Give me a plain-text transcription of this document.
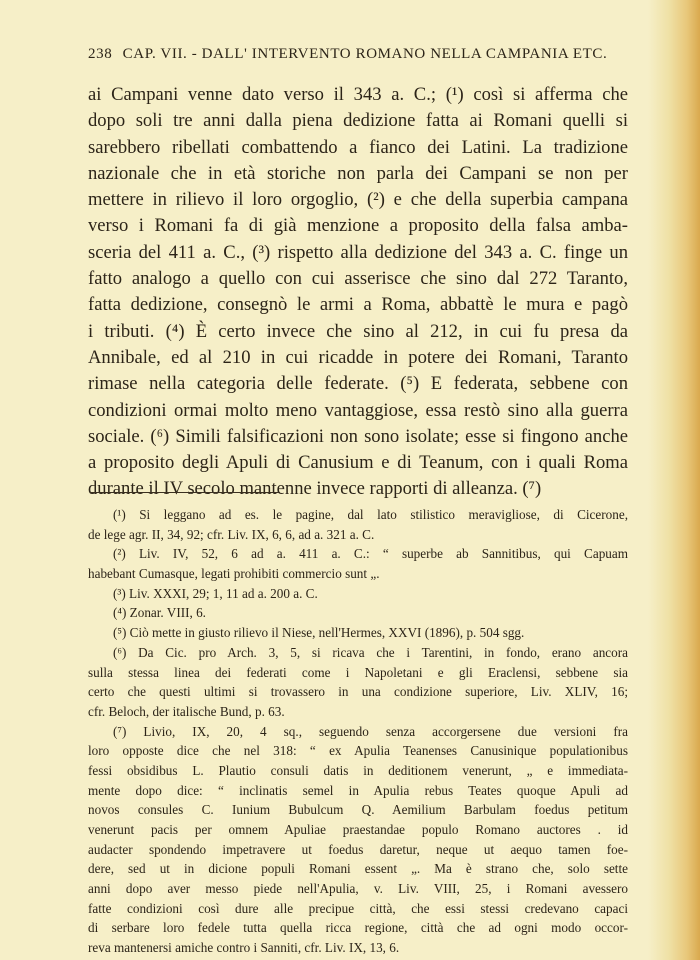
238 CAP. VII. - DALL' INTERVENTO ROMANO NELLA CAMPANIA ETC.
ai Campani venne dato verso il 343 a. C.; (¹) così si afferma che
dopo soli tre anni dalla piena dedizione fatta ai Romani quelli si
sarebbero ribellati combattendo a fianco dei Latini. La tradizione
nazionale che in età storiche non parla dei Campani se non per
mettere in rilievo il loro orgoglio, (²) e che della superbia campana
verso i Romani fa di già menzione a proposito della falsa amba-
sceria del 411 a. C., (³) rispetto alla dedizione del 343 a. C. finge un
fatto analogo a quello con cui asserisce che sino dal 272 Taranto,
fatta dedizione, consegnò le armi a Roma, abbattè le mura e pagò
i tributi. (⁴) È certo invece che sino al 212, in cui fu presa da
Annibale, ed al 210 in cui ricadde in potere dei Romani, Taranto
rimase nella categoria delle federate. (⁵) E federata, sebbene con
condizioni ormai molto meno vantaggiose, essa restò sino alla guerra
sociale. (⁶) Simili falsificazioni non sono isolate; esse si fingono anche
a proposito degli Apuli di Canusium e di Teanum, con i quali Roma
durante il IV secolo mantenne invece rapporti di alleanza. (⁷)
(¹) Si leggano ad es. le pagine, dal lato stilistico meravigliose, di Cicerone,
de lege agr. II, 34, 92; cfr. Liv. IX, 6, 6, ad a. 321 a. C.
(²) Liv. IV, 52, 6 ad a. 411 a. C.: “ superbe ab Sannitibus, qui Capuam
habebant Cumasque, legati prohibiti commercio sunt „.
(³) Liv. XXXI, 29; 1, 11 ad a. 200 a. C.
(⁴) Zonar. VIII, 6.
(⁵) Ciò mette in giusto rilievo il Niese, nell'Hermes, XXVI (1896), p. 504 sgg.
(⁶) Da Cic. pro Arch. 3, 5, si ricava che i Tarentini, in fondo, erano ancora
sulla stessa linea dei federati come i Napoletani e gli Eraclensi, sebbene sia
certo che questi ultimi si trovassero in una condizione superiore, Liv. XLIV, 16;
cfr. Beloch, der italische Bund, p. 63.
(⁷) Livio, IX, 20, 4 sq., seguendo senza accorgersene due versioni fra
loro opposte dice che nel 318: “ ex Apulia Teanenses Canusinique populationibus
fessi obsidibus L. Plautio consuli datis in deditionem venerunt, „ e immediata-
mente dopo dice: “ inclinatis semel in Apulia rebus Teates quoque Apuli ad
novos consules C. Iunium Bubulcum Q. Aemilium Barbulam foedus petitum
venerunt pacis per omnem Apuliae praestandae populo Romano auctores . id
audacter spondendo impetravere ut foedus daretur, neque ut aequo tamen foe-
dere, sed ut in dicione populi Romani essent „. Ma è strano che, solo sette
anni dopo aver messo piede nell'Apulia, v. Liv. VIII, 25, i Romani avessero
fatte condizioni così dure alle precipue città, che essi stessi credevano capaci
di serbare loro fedele tutta quella ricca regione, città che ad ogni modo occor-
reva mantenersi amiche contro i Sanniti, cfr. Liv. IX, 13, 6.
